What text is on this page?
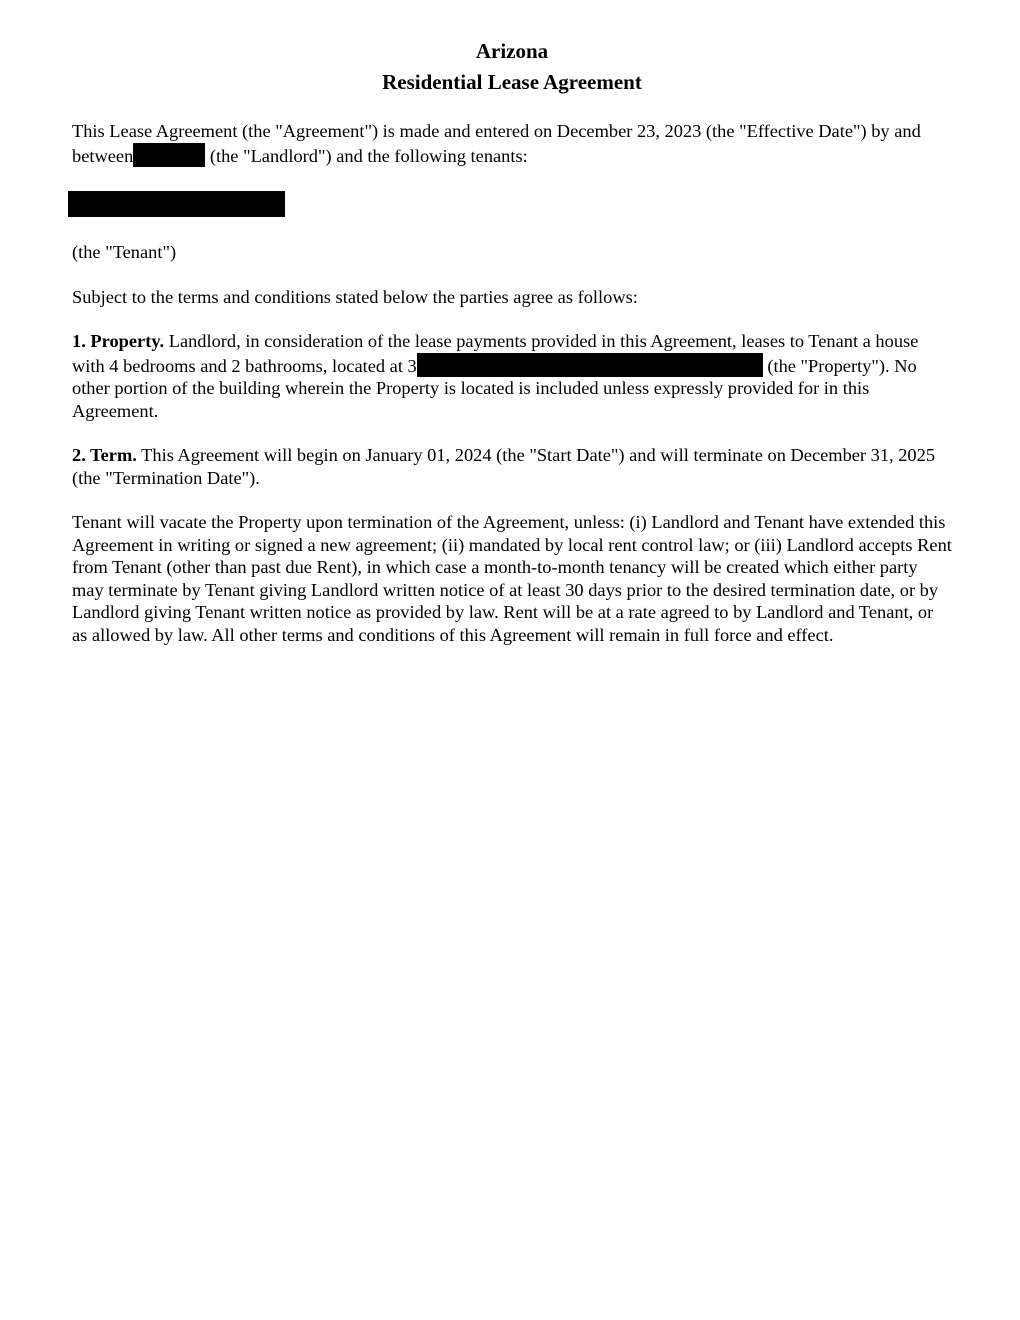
Arizona
Residential Lease Agreement

This Lease Agreement (the "Agreement") is made and entered on December 23, 2023 (the "Effective Date") by and between	(the "Landlord") and the following tenants:

(the "Tenant")

Subject to the terms and conditions stated below the parties agree as follows:

1. Property. Landlord, in consideration of the lease payments provided in this Agreement, leases to Tenant a house with 4 bedrooms and 2 bathrooms, located at 3	(the "Property"). No other portion of the building wherein the Property is located is included unless expressly provided for in this Agreement.

2. Term. This Agreement will begin on January 01, 2024 (the "Start Date") and will terminate on December 31, 2025 (the "Termination Date").

Tenant will vacate the Property upon termination of the Agreement, unless: (i) Landlord and Tenant have extended this Agreement in writing or signed a new agreement; (ii) mandated by local rent control law; or (iii) Landlord accepts Rent from Tenant (other than past due Rent), in which case a month-to-month tenancy will be created which either party may terminate by Tenant giving Landlord written notice of at least 30 days prior to the desired termination date, or by Landlord giving Tenant written notice as provided by law. Rent will be at a rate agreed to by Landlord and Tenant, or as allowed by law. All other terms and conditions of this Agreement will remain in full force and effect.
